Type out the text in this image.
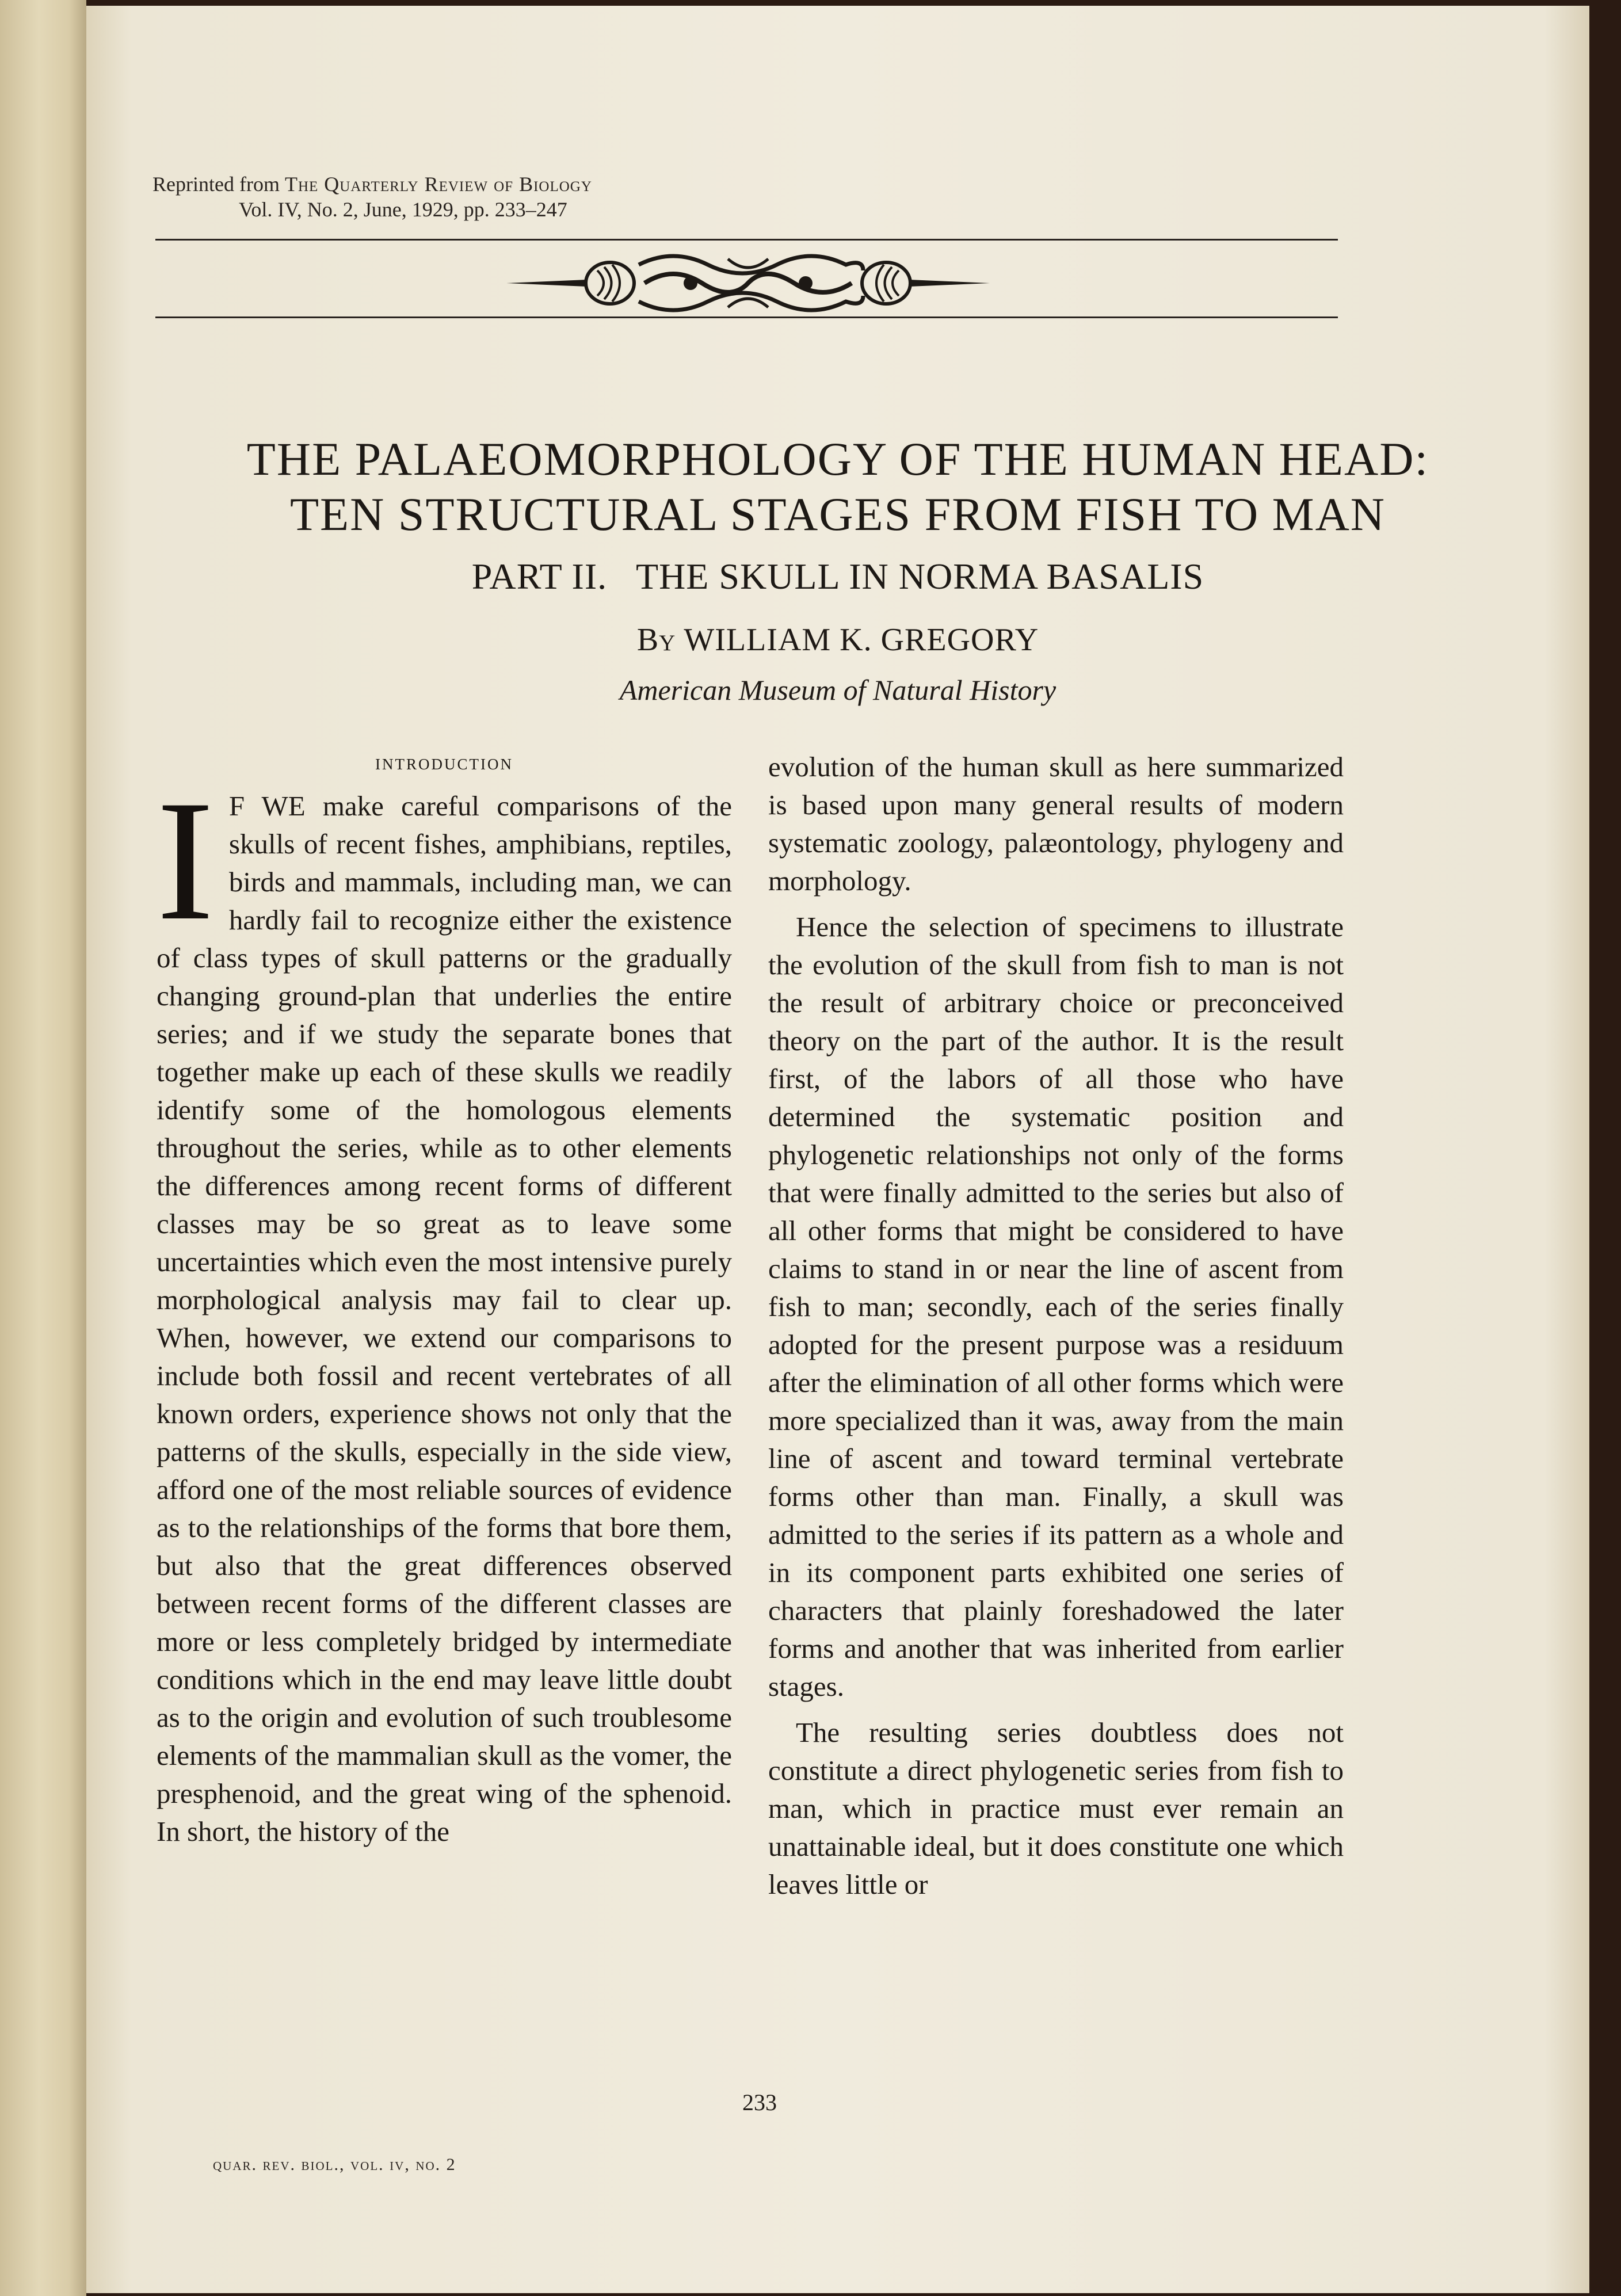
Reprinted from The Quarterly Review of Biology
Vol. IV, No. 2, June, 1929, pp. 233–247
THE PALAEOMORPHOLOGY OF THE HUMAN HEAD:
TEN STRUCTURAL STAGES FROM FISH TO MAN
PART II.   THE SKULL IN NORMA BASALIS
By WILLIAM K. GREGORY
American Museum of Natural History
introduction

I F WE make careful comparisons of the skulls of recent fishes, amphibians, reptiles, birds and mammals, including man, we can hardly fail to recognize either the existence of class types of skull patterns or the gradually changing ground-plan that underlies the entire series; and if we study the separate bones that together make up each of these skulls we readily identify some of the homologous elements throughout the series, while as to other elements the differences among recent forms of different classes may be so great as to leave some uncertainties which even the most intensive purely morphological analysis may fail to clear up. When, however, we extend our comparisons to include both fossil and recent vertebrates of all known orders, experience shows not only that the patterns of the skulls, especially in the side view, afford one of the most reliable sources of evidence as to the relationships of the forms that bore them, but also that the great differences observed between recent forms of the different classes are more or less completely bridged by intermediate conditions which in the end may leave little doubt as to the origin and evolution of such troublesome elements of the mammalian skull as the vomer, the presphenoid, and the great wing of the sphenoid. In short, the history of the

evolution of the human skull as here summarized is based upon many general results of modern systematic zoology, palæontology, phylogeny and morphology.

Hence the selection of specimens to illustrate the evolution of the skull from fish to man is not the result of arbitrary choice or preconceived theory on the part of the author. It is the result first, of the labors of all those who have determined the systematic position and phylogenetic relationships not only of the forms that were finally admitted to the series but also of all other forms that might be considered to have claims to stand in or near the line of ascent from fish to man; secondly, each of the series finally adopted for the present purpose was a residuum after the elimination of all other forms which were more specialized than it was, away from the main line of ascent and toward terminal vertebrate forms other than man. Finally, a skull was admitted to the series if its pattern as a whole and in its component parts exhibited one series of characters that plainly foreshadowed the later forms and another that was inherited from earlier stages.

The resulting series doubtless does not constitute a direct phylogenetic series from fish to man, which in practice must ever remain an unattainable ideal, but it does constitute one which leaves little or

233
quar. rev. biol., vol. iv, no. 2
